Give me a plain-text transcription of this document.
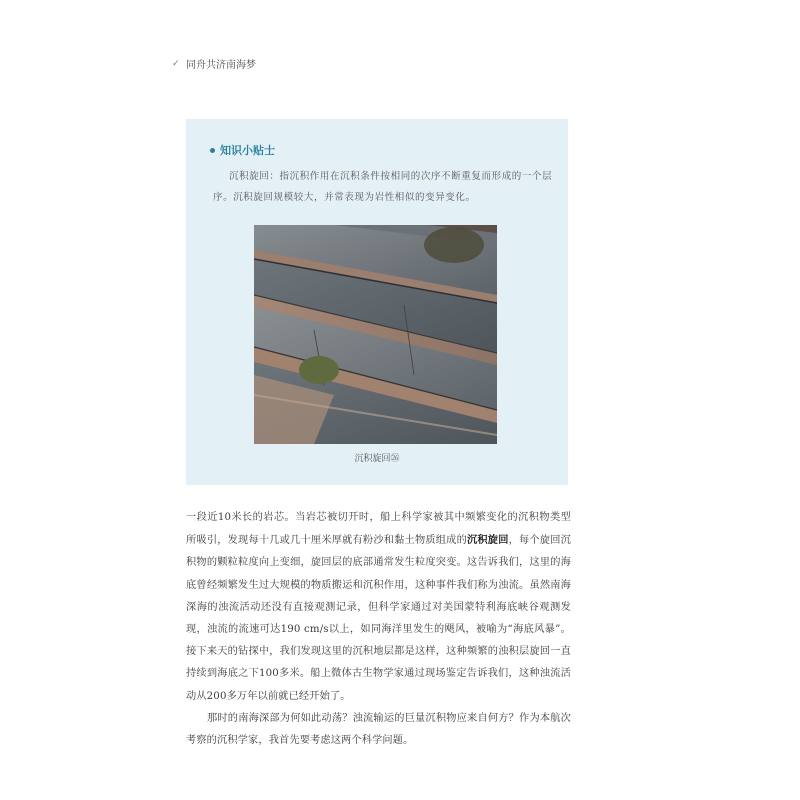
✓ 同舟共济南海梦
知识小贴士
沉积旋回：指沉积作用在沉积条件按相同的次序不断重复而形成的一个层序。沉积旋回规模较大，并常表现为岩性相似的变异变化。
沉积旋回㉖

一段近10米长的岩芯。当岩芯被切开时，船上科学家被其中频繁变化的沉积物类型所吸引，发现每十几或几十厘米厚就有粉沙和黏土物质组成的沉积旋回，每个旋回沉积物的颗粒粒度向上变细，旋回层的底部通常发生粒度突变。这告诉我们，这里的海底曾经频繁发生过大规模的物质搬运和沉积作用，这种事件我们称为浊流。虽然南海深海的浊流活动还没有直接观测记录，但科学家通过对美国蒙特利海底峡谷观测发现，浊流的流速可达190 cm/s以上，如同海洋里发生的飓风，被喻为“海底风暴”。接下来天的钻探中，我们发现这里的沉积地层都是这样，这种频繁的浊积层旋回一直持续到海底之下100多米。船上微体古生物学家通过现场鉴定告诉我们，这种浊流活动从200多万年以前就已经开始了。

那时的南海深部为何如此动荡？浊流输运的巨量沉积物应来自何方？作为本航次考察的沉积学家，我首先要考虑这两个科学问题。
